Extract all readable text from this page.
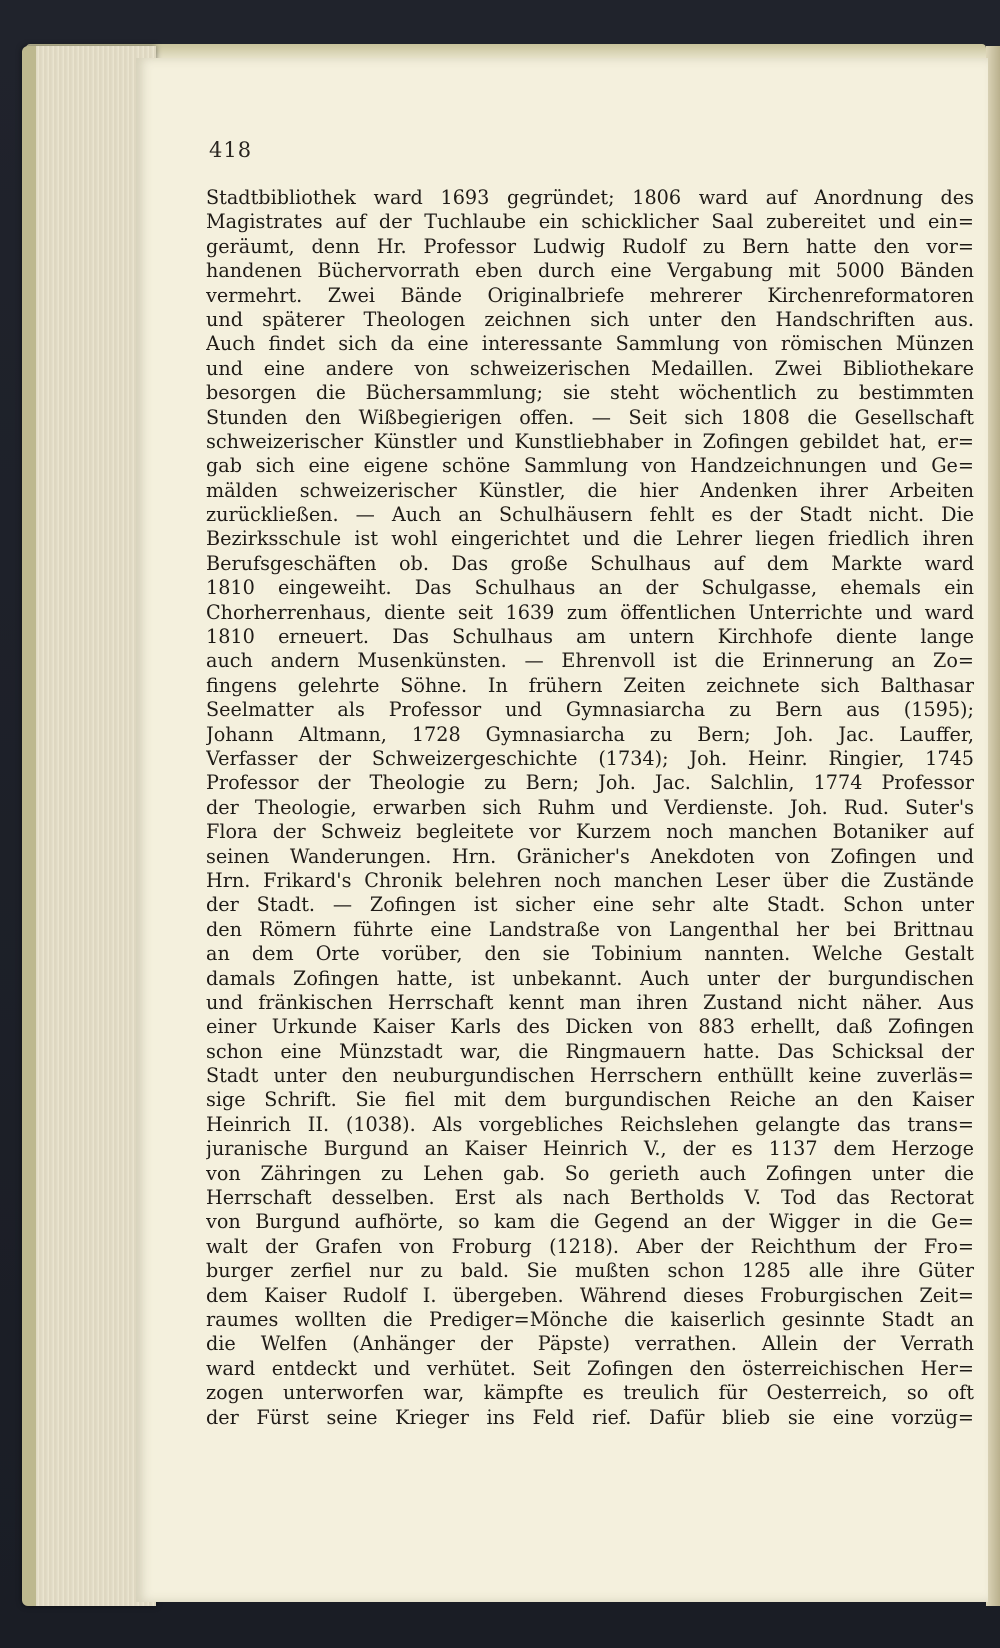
418
Stadtbibliothek ward 1693 gegründet; 1806 ward auf Anordnung des
Magistrates auf der Tuchlaube ein schicklicher Saal zubereitet und ein=
geräumt, denn Hr. Professor Ludwig Rudolf zu Bern hatte den vor=
handenen Büchervorrath eben durch eine Vergabung mit 5000 Bänden
vermehrt. Zwei Bände Originalbriefe mehrerer Kirchenreformatoren
und späterer Theologen zeichnen sich unter den Handschriften aus.
Auch findet sich da eine interessante Sammlung von römischen Münzen
und eine andere von schweizerischen Medaillen. Zwei Bibliothekare
besorgen die Büchersammlung; sie steht wöchentlich zu bestimmten
Stunden den Wißbegierigen offen. — Seit sich 1808 die Gesellschaft
schweizerischer Künstler und Kunstliebhaber in Zofingen gebildet hat, er=
gab sich eine eigene schöne Sammlung von Handzeichnungen und Ge=
mälden schweizerischer Künstler, die hier Andenken ihrer Arbeiten
zurückließen. — Auch an Schulhäusern fehlt es der Stadt nicht. Die
Bezirksschule ist wohl eingerichtet und die Lehrer liegen friedlich ihren
Berufsgeschäften ob. Das große Schulhaus auf dem Markte ward
1810 eingeweiht. Das Schulhaus an der Schulgasse, ehemals ein
Chorherrenhaus, diente seit 1639 zum öffentlichen Unterrichte und ward
1810 erneuert. Das Schulhaus am untern Kirchhofe diente lange
auch andern Musenkünsten. — Ehrenvoll ist die Erinnerung an Zo=
fingens gelehrte Söhne. In frühern Zeiten zeichnete sich Balthasar
Seelmatter als Professor und Gymnasiarcha zu Bern aus (1595);
Johann Altmann, 1728 Gymnasiarcha zu Bern; Joh. Jac. Lauffer,
Verfasser der Schweizergeschichte (1734); Joh. Heinr. Ringier, 1745
Professor der Theologie zu Bern; Joh. Jac. Salchlin, 1774 Professor
der Theologie, erwarben sich Ruhm und Verdienste. Joh. Rud. Suter's
Flora der Schweiz begleitete vor Kurzem noch manchen Botaniker auf
seinen Wanderungen. Hrn. Gränicher's Anekdoten von Zofingen und
Hrn. Frikard's Chronik belehren noch manchen Leser über die Zustände
der Stadt. — Zofingen ist sicher eine sehr alte Stadt. Schon unter
den Römern führte eine Landstraße von Langenthal her bei Brittnau
an dem Orte vorüber, den sie Tobinium nannten. Welche Gestalt
damals Zofingen hatte, ist unbekannt. Auch unter der burgundischen
und fränkischen Herrschaft kennt man ihren Zustand nicht näher. Aus
einer Urkunde Kaiser Karls des Dicken von 883 erhellt, daß Zofingen
schon eine Münzstadt war, die Ringmauern hatte. Das Schicksal der
Stadt unter den neuburgundischen Herrschern enthüllt keine zuverläs=
sige Schrift. Sie fiel mit dem burgundischen Reiche an den Kaiser
Heinrich II. (1038). Als vorgebliches Reichslehen gelangte das trans=
juranische Burgund an Kaiser Heinrich V., der es 1137 dem Herzoge
von Zähringen zu Lehen gab. So gerieth auch Zofingen unter die
Herrschaft desselben. Erst als nach Bertholds V. Tod das Rectorat
von Burgund aufhörte, so kam die Gegend an der Wigger in die Ge=
walt der Grafen von Froburg (1218). Aber der Reichthum der Fro=
burger zerfiel nur zu bald. Sie mußten schon 1285 alle ihre Güter
dem Kaiser Rudolf I. übergeben. Während dieses Froburgischen Zeit=
raumes wollten die Prediger=Mönche die kaiserlich gesinnte Stadt an
die Welfen (Anhänger der Päpste) verrathen. Allein der Verrath
ward entdeckt und verhütet. Seit Zofingen den österreichischen Her=
zogen unterworfen war, kämpfte es treulich für Oesterreich, so oft
der Fürst seine Krieger ins Feld rief. Dafür blieb sie eine vorzüg=
